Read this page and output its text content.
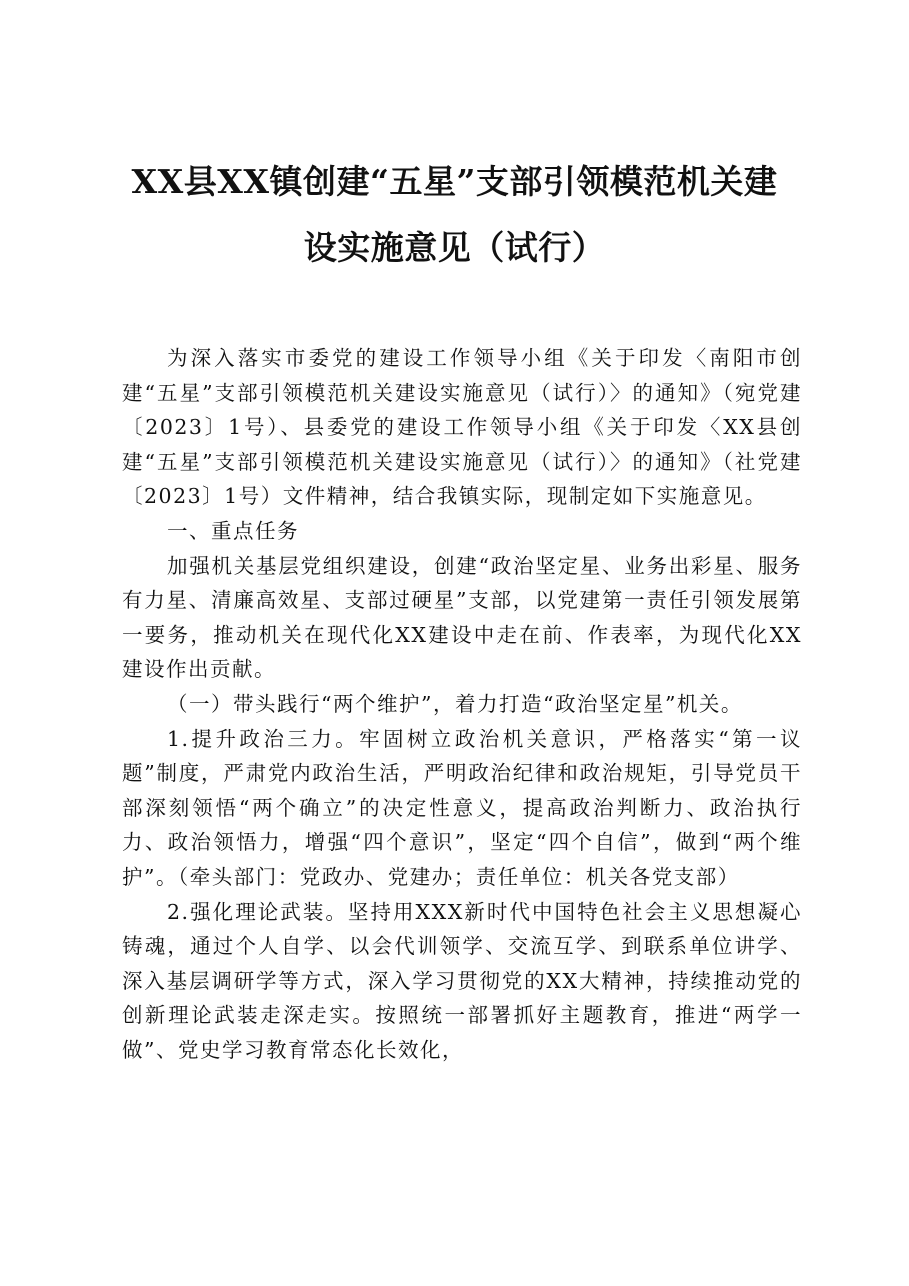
XX县XX镇创建“五星”支部引领模范机关建
设实施意见（试行）

为深入落实市委党的建设工作领导小组《关于印发〈南阳市创建“五星”支部引领模范机关建设实施意见（试行）〉的通知》（宛党建〔2023〕1号）、县委党的建设工作领导小组《关于印发〈XX县创建“五星”支部引领模范机关建设实施意见（试行）〉的通知》（社党建〔2023〕1号）文件精神，结合我镇实际，现制定如下实施意见。

一、重点任务

加强机关基层党组织建设，创建“政治坚定星、业务出彩星、服务有力星、清廉高效星、支部过硬星”支部，以党建第一责任引领发展第一要务，推动机关在现代化XX建设中走在前、作表率，为现代化XX建设作出贡献。

（一）带头践行“两个维护”，着力打造“政治坚定星”机关。

1.提升政治三力。牢固树立政治机关意识，严格落实“第一议题”制度，严肃党内政治生活，严明政治纪律和政治规矩，引导党员干部深刻领悟“两个确立”的决定性意义，提高政治判断力、政治执行力、政治领悟力，增强“四个意识”，坚定“四个自信”，做到“两个维护”。（牵头部门：党政办、党建办；责任单位：机关各党支部）

2.强化理论武装。坚持用XXX新时代中国特色社会主义思想凝心铸魂，通过个人自学、以会代训领学、交流互学、到联系单位讲学、深入基层调研学等方式，深入学习贯彻党的XX大精神，持续推动党的创新理论武装走深走实。按照统一部署抓好主题教育，推进“两学一做”、党史学习教育常态化长效化，
